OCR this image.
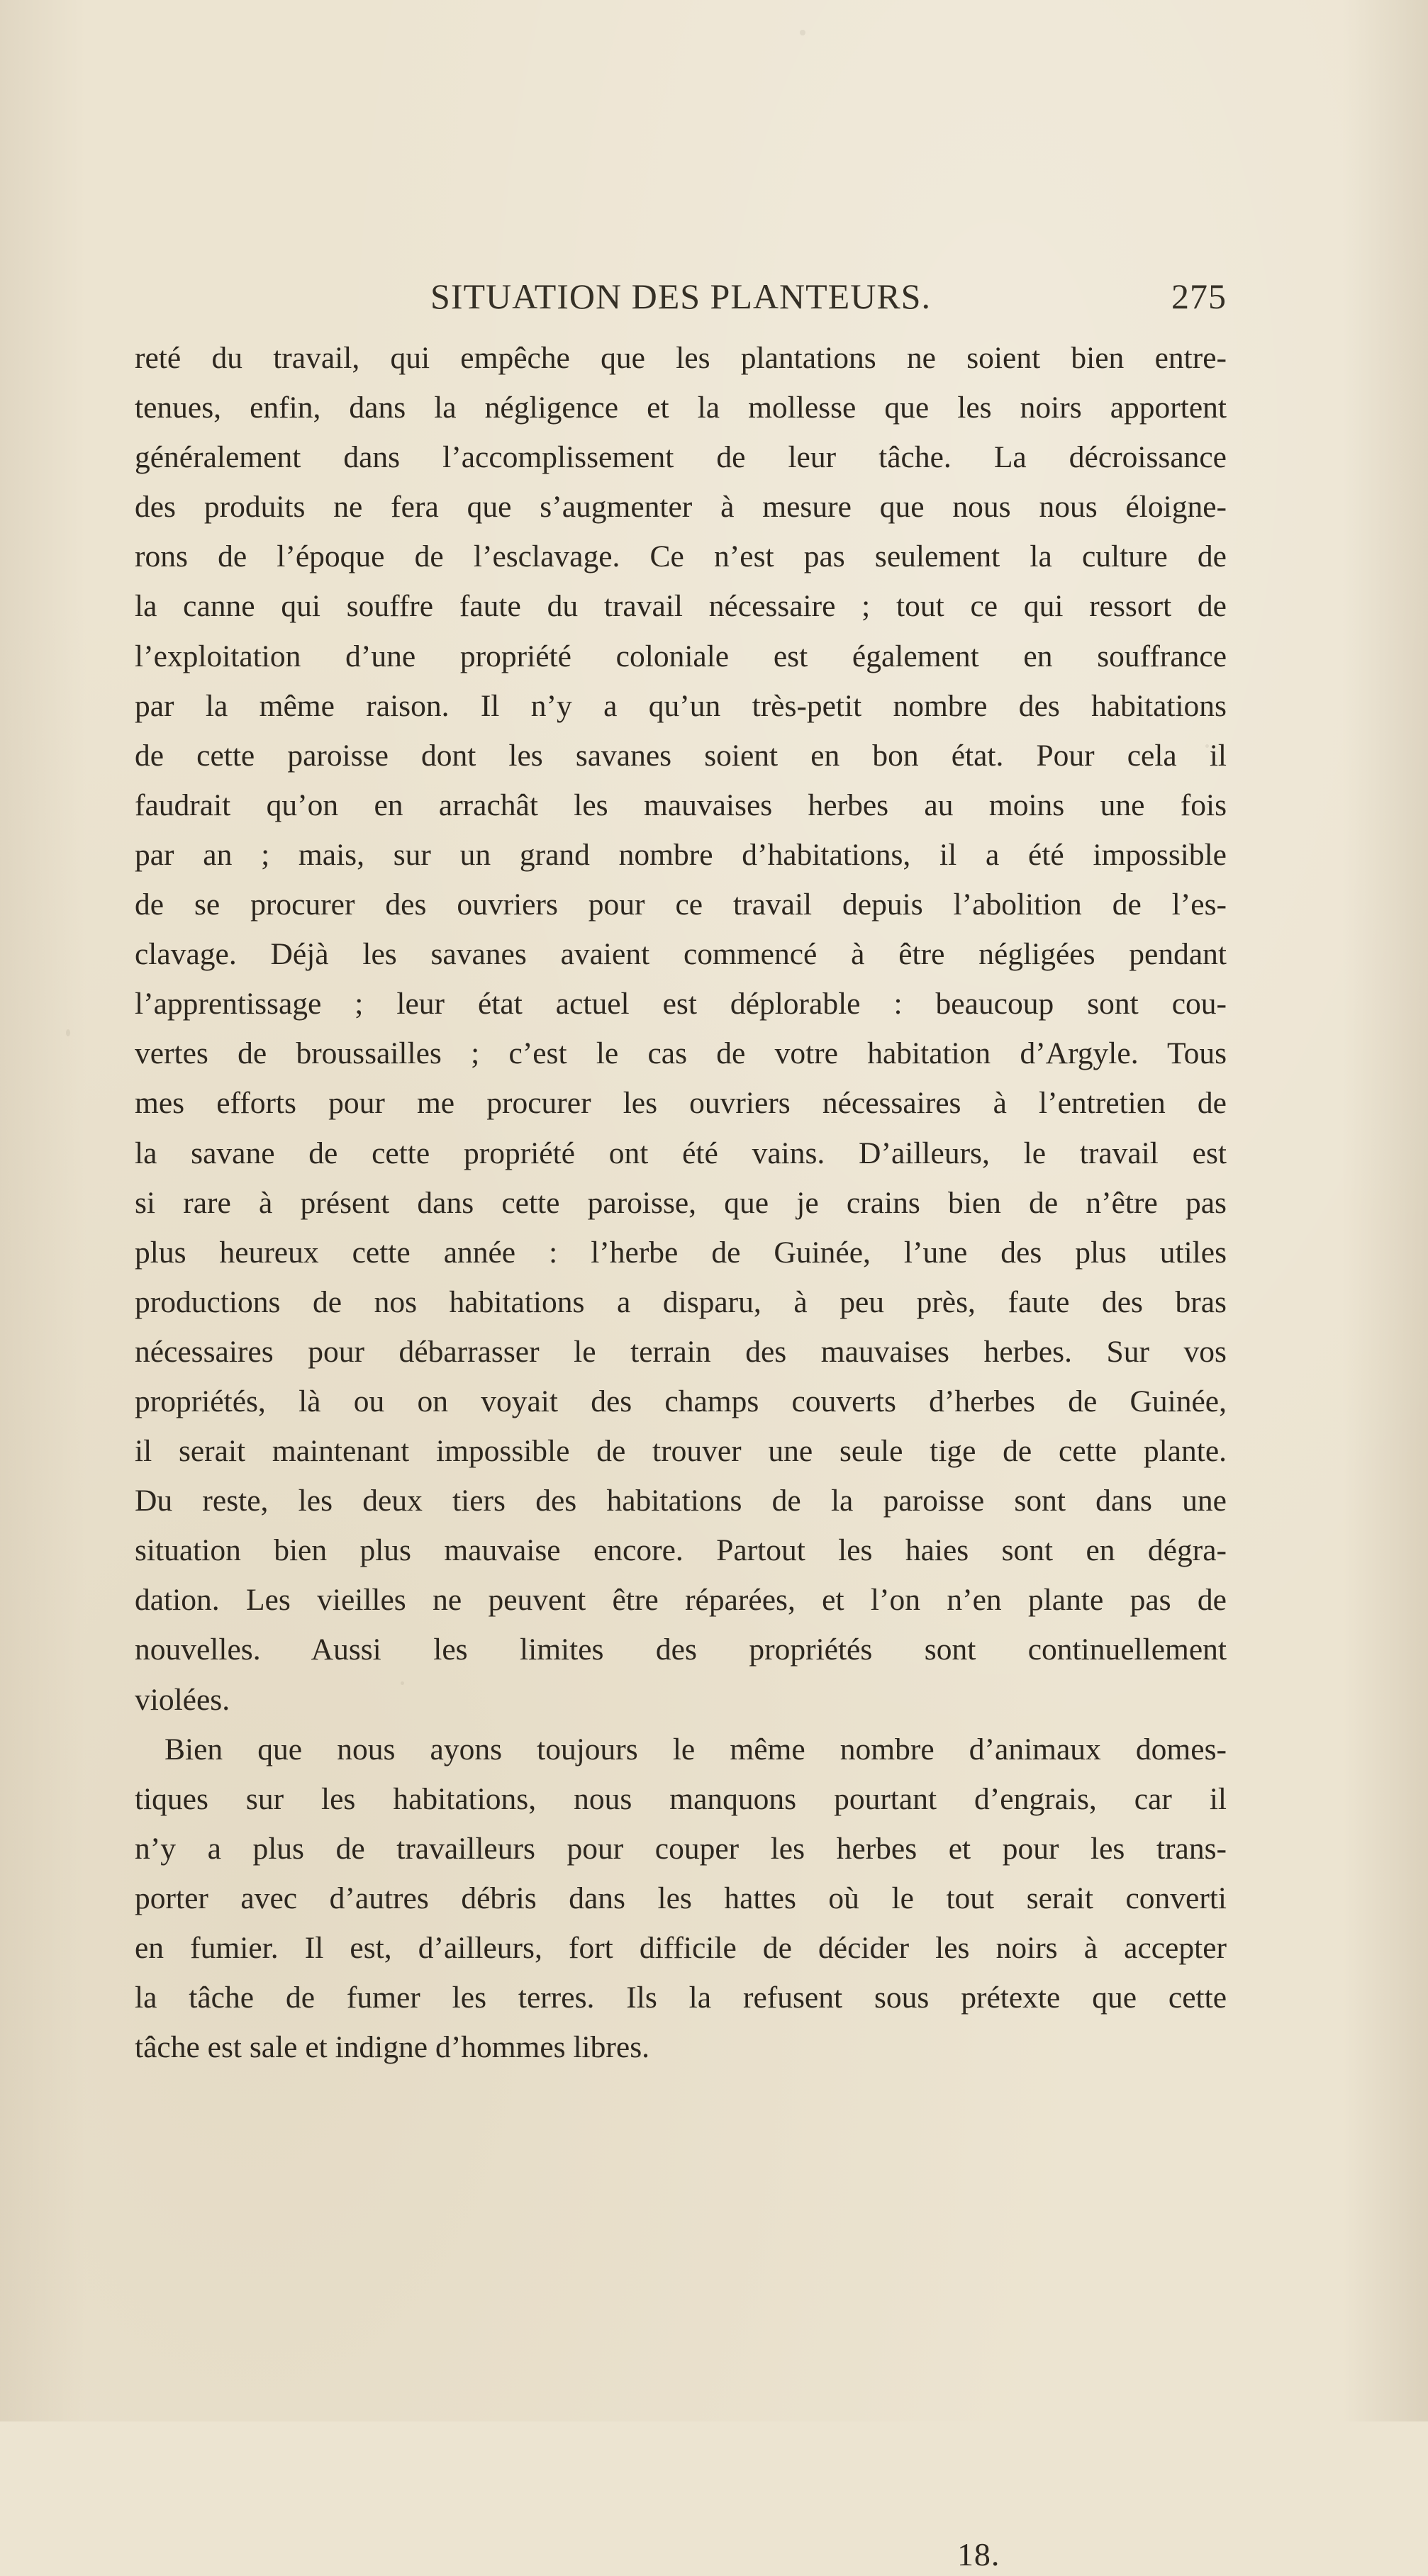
SITUATION DES PLANTEURS.	275
reté du travail, qui empêche que les plantations ne soient bien entre-
tenues, enfin, dans la négligence et la mollesse que les noirs apportent
généralement dans l’accomplissement de leur tâche. La décroissance
des produits ne fera que s’augmenter à mesure que nous nous éloigne-
rons de l’époque de l’esclavage. Ce n’est pas seulement la culture de
la canne qui souffre faute du travail nécessaire ; tout ce qui ressort de
l’exploitation d’une propriété coloniale est également en souffrance
par la même raison. Il n’y a qu’un très-petit nombre des habitations
de cette paroisse dont les savanes soient en bon état. Pour cela il
faudrait qu’on en arrachât les mauvaises herbes au moins une fois
par an ; mais, sur un grand nombre d’habitations, il a été impossible
de se procurer des ouvriers pour ce travail depuis l’abolition de l’es-
clavage. Déjà les savanes avaient commencé à être négligées pendant
l’apprentissage ; leur état actuel est déplorable : beaucoup sont cou-
vertes de broussailles ; c’est le cas de votre habitation d’Argyle. Tous
mes efforts pour me procurer les ouvriers nécessaires à l’entretien de
la savane de cette propriété ont été vains. D’ailleurs, le travail est
si rare à présent dans cette paroisse, que je crains bien de n’être pas
plus heureux cette année : l’herbe de Guinée, l’une des plus utiles
productions de nos habitations a disparu, à peu près, faute des bras
nécessaires pour débarrasser le terrain des mauvaises herbes. Sur vos
propriétés, là ou on voyait des champs couverts d’herbes de Guinée,
il serait maintenant impossible de trouver une seule tige de cette plante.
Du reste, les deux tiers des habitations de la paroisse sont dans une
situation bien plus mauvaise encore. Partout les haies sont en dégra-
dation. Les vieilles ne peuvent être réparées, et l’on n’en plante pas de
nouvelles. Aussi les limites des propriétés sont continuellement
violées.
Bien que nous ayons toujours le même nombre d’animaux domes-
tiques sur les habitations, nous manquons pourtant d’engrais, car il
n’y a plus de travailleurs pour couper les herbes et pour les trans-
porter avec d’autres débris dans les hattes où le tout serait converti
en fumier. Il est, d’ailleurs, fort difficile de décider les noirs à accepter
la tâche de fumer les terres. Ils la refusent sous prétexte que cette
tâche est sale et indigne d’hommes libres.
18.
